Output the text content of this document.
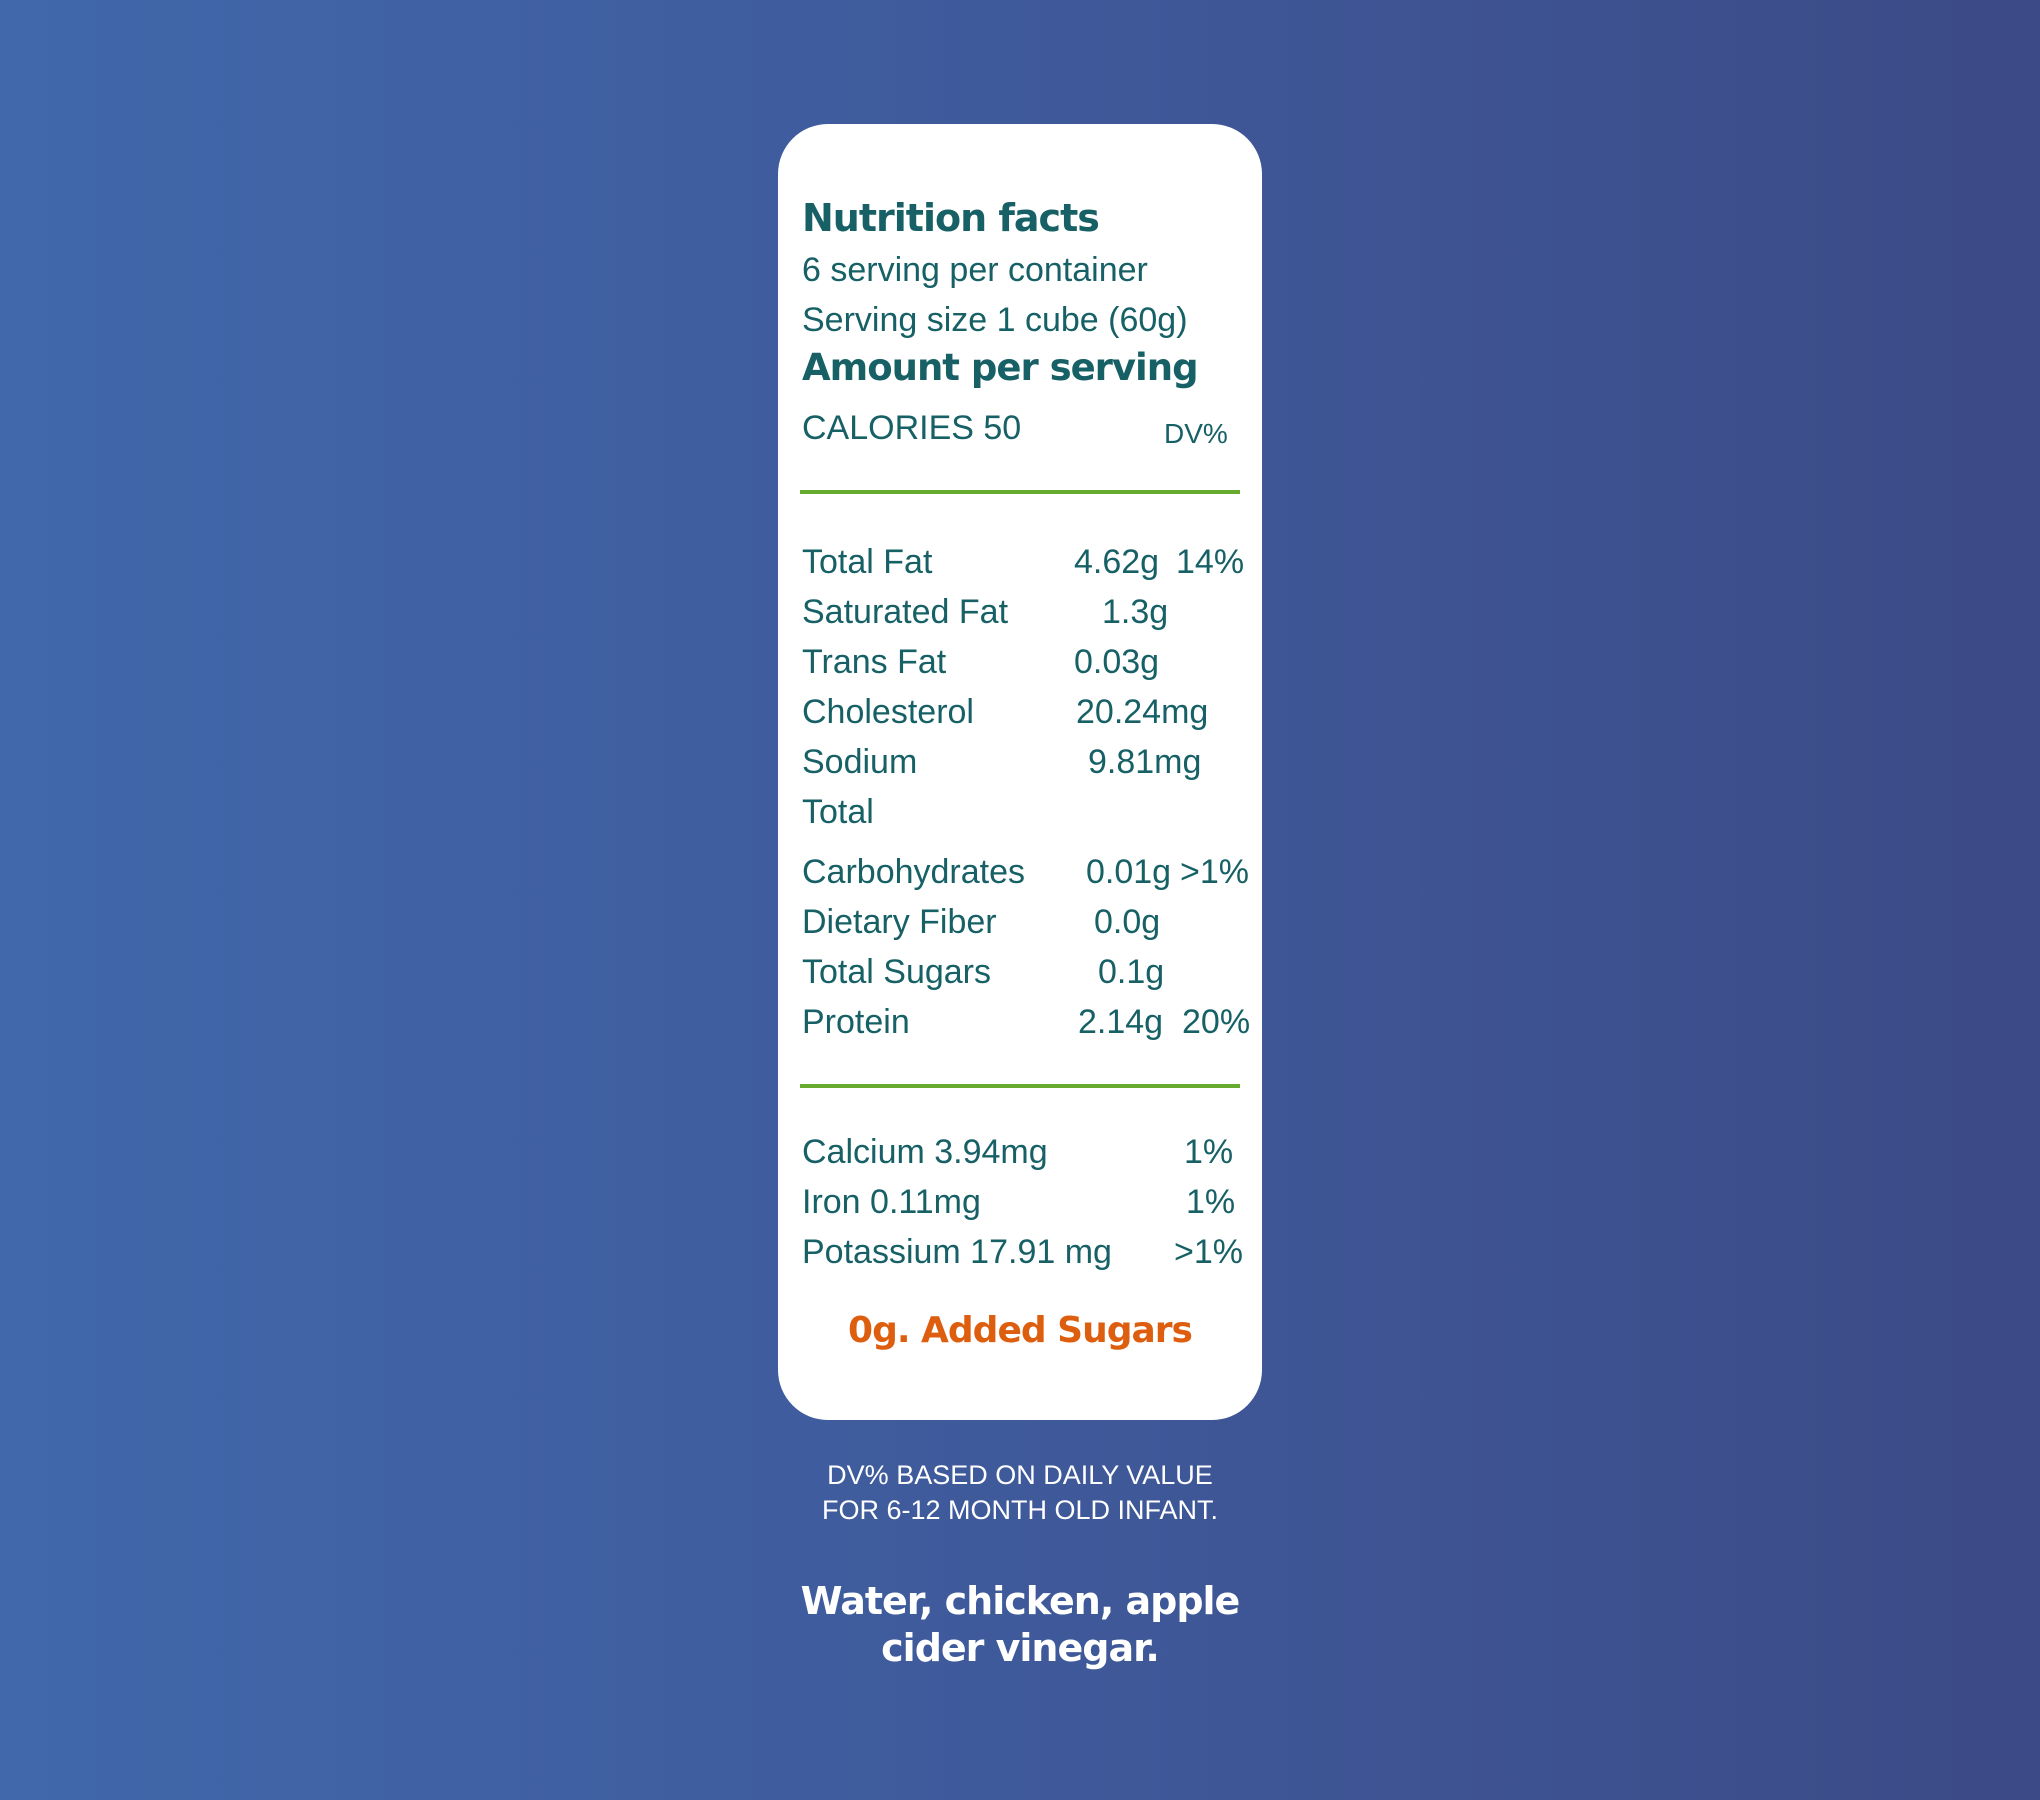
Nutrition facts
6 serving per container
Serving size 1 cube (60g)
Amount per serving
CALORIES 50	DV%
Total Fat	4.62g 14%
Saturated Fat	1.3g
Trans Fat	0.03g
Cholesterol	20.24mg
Sodium	9.81mg
Total
Carbohydrates 0.01g >1%
Dietary Fiber	0.0g
Total Sugars	0.1g
Protein	2.14g 20%
Calcium 3.94mg	1%
Iron 0.11mg	1%
Potassium 17.91 mg >1%
0g. Added Sugars
DV% BASED ON DAILY VALUE
FOR 6-12 MONTH OLD INFANT.
Water, chicken, apple
cider vinegar.
